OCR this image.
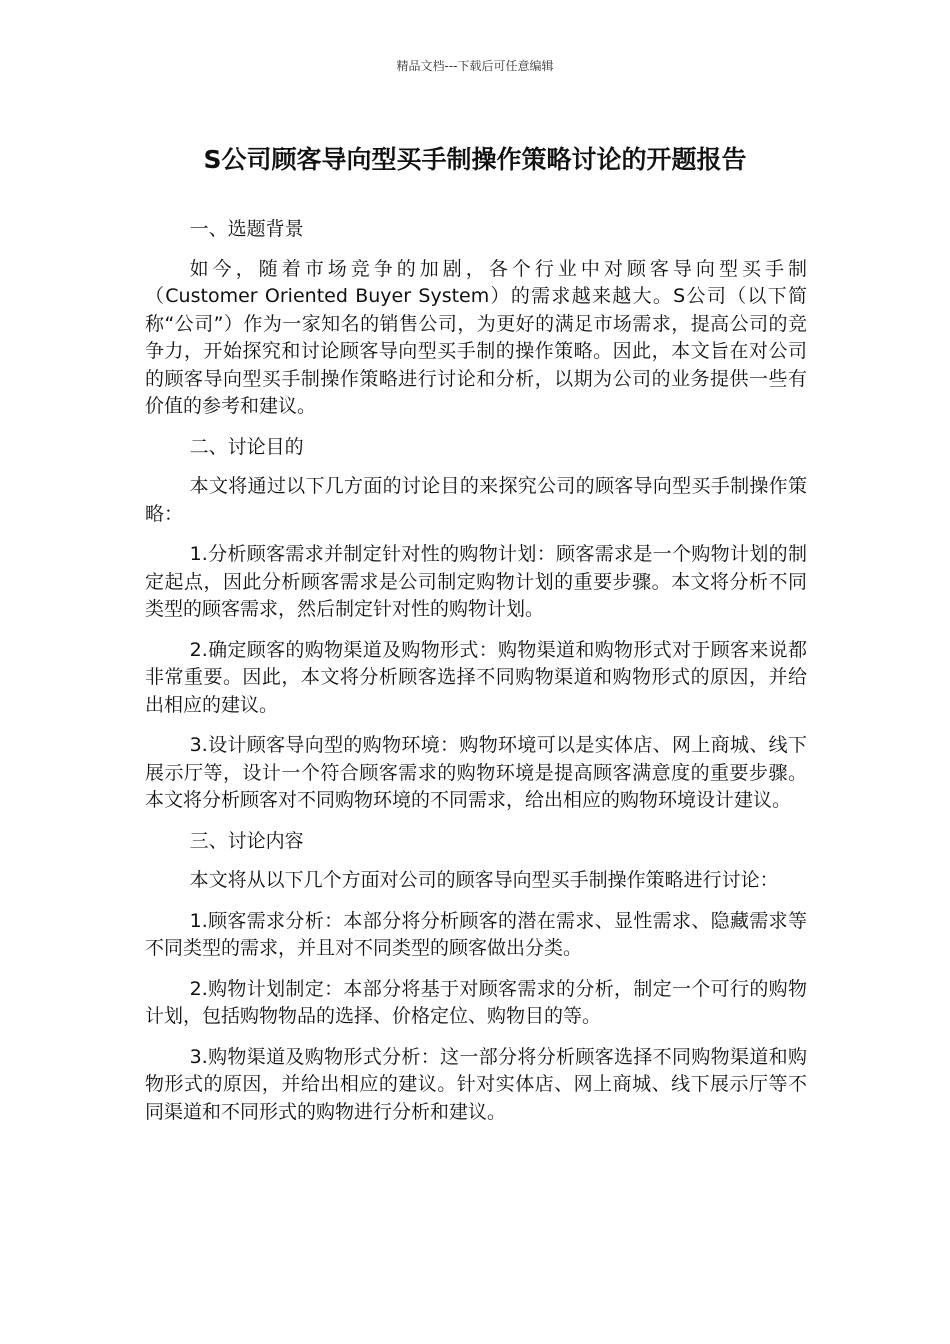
精品文档---下载后可任意编辑
S公司顾客导向型买手制操作策略讨论的开题报告

一、选题背景

如今，随着市场竞争的加剧，各个行业中对顾客导向型买手制（Customer Oriented Buyer System）的需求越来越大。S公司（以下简称“公司”）作为一家知名的销售公司，为更好的满足市场需求，提高公司的竞争力，开始探究和讨论顾客导向型买手制的操作策略。因此，本文旨在对公司的顾客导向型买手制操作策略进行讨论和分析，以期为公司的业务提供一些有价值的参考和建议。

二、讨论目的

本文将通过以下几方面的讨论目的来探究公司的顾客导向型买手制操作策略：

1.分析顾客需求并制定针对性的购物计划：顾客需求是一个购物计划的制定起点，因此分析顾客需求是公司制定购物计划的重要步骤。本文将分析不同类型的顾客需求，然后制定针对性的购物计划。

2.确定顾客的购物渠道及购物形式：购物渠道和购物形式对于顾客来说都非常重要。因此，本文将分析顾客选择不同购物渠道和购物形式的原因，并给出相应的建议。

3.设计顾客导向型的购物环境：购物环境可以是实体店、网上商城、线下展示厅等，设计一个符合顾客需求的购物环境是提高顾客满意度的重要步骤。本文将分析顾客对不同购物环境的不同需求，给出相应的购物环境设计建议。

三、讨论内容

本文将从以下几个方面对公司的顾客导向型买手制操作策略进行讨论：

1.顾客需求分析：本部分将分析顾客的潜在需求、显性需求、隐藏需求等不同类型的需求，并且对不同类型的顾客做出分类。

2.购物计划制定：本部分将基于对顾客需求的分析，制定一个可行的购物计划，包括购物物品的选择、价格定位、购物目的等。

3.购物渠道及购物形式分析：这一部分将分析顾客选择不同购物渠道和购物形式的原因，并给出相应的建议。针对实体店、网上商城、线下展示厅等不同渠道和不同形式的购物进行分析和建议。
